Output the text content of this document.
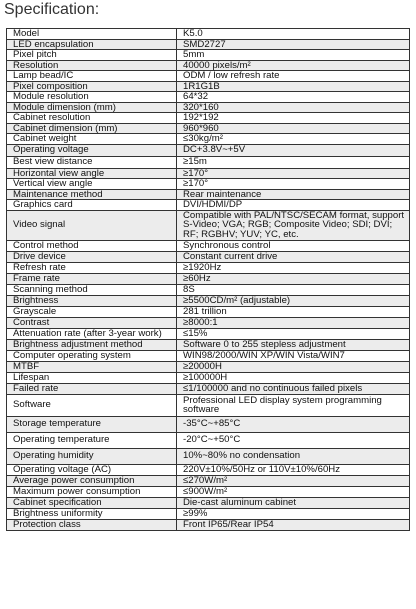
Specification:
Model	K5.0
LED encapsulation	SMD2727
Pixel pitch	5mm
Resolution	40000 pixels/m²
Lamp bead/IC	ODM / low refresh rate
Pixel composition	1R1G1B
Module resolution	64*32
Module dimension (mm)	320*160
Cabinet resolution	192*192
Cabinet dimension (mm)	960*960
Cabinet weight	≤30kg/m²
Operating voltage	DC+3.8V~+5V
Best view distance	≥15m
Horizontal view angle	≥170°
Vertical view angle	≥170°
Maintenance method	Rear maintenance
Graphics card	DVI/HDMI/DP
Video signal	Compatible with PAL/NTSC/SECAM format, support S-Video; VGA; RGB; Composite Video; SDI; DVI; RF; RGBHV; YUV; YC, etc.
Control method	Synchronous control
Drive device	Constant current drive
Refresh rate	≥1920Hz
Frame rate	≥60Hz
Scanning method	8S
Brightness	≥5500CD/m² (adjustable)
Grayscale	281 trillion
Contrast	≥8000:1
Attenuation rate (after 3-year work)	≤15%
Brightness adjustment method	Software 0 to 255 stepless adjustment
Computer operating system	WIN98/2000/WIN XP/WIN Vista/WIN7
MTBF	≥20000H
Lifespan	≥100000H
Failed rate	≤1/100000 and no continuous failed pixels
Software	Professional LED display system programming software
Storage temperature	-35°C~+85°C
Operating temperature	-20°C~+50°C
Operating humidity	10%~80% no condensation
Operating voltage (AC)	220V±10%/50Hz or 110V±10%/60Hz
Average power consumption	≤270W/m²
Maximum power consumption	≤900W/m²
Cabinet specification	Die-cast aluminum cabinet
Brightness uniformity	≥99%
Protection class	Front IP65/Rear IP54
